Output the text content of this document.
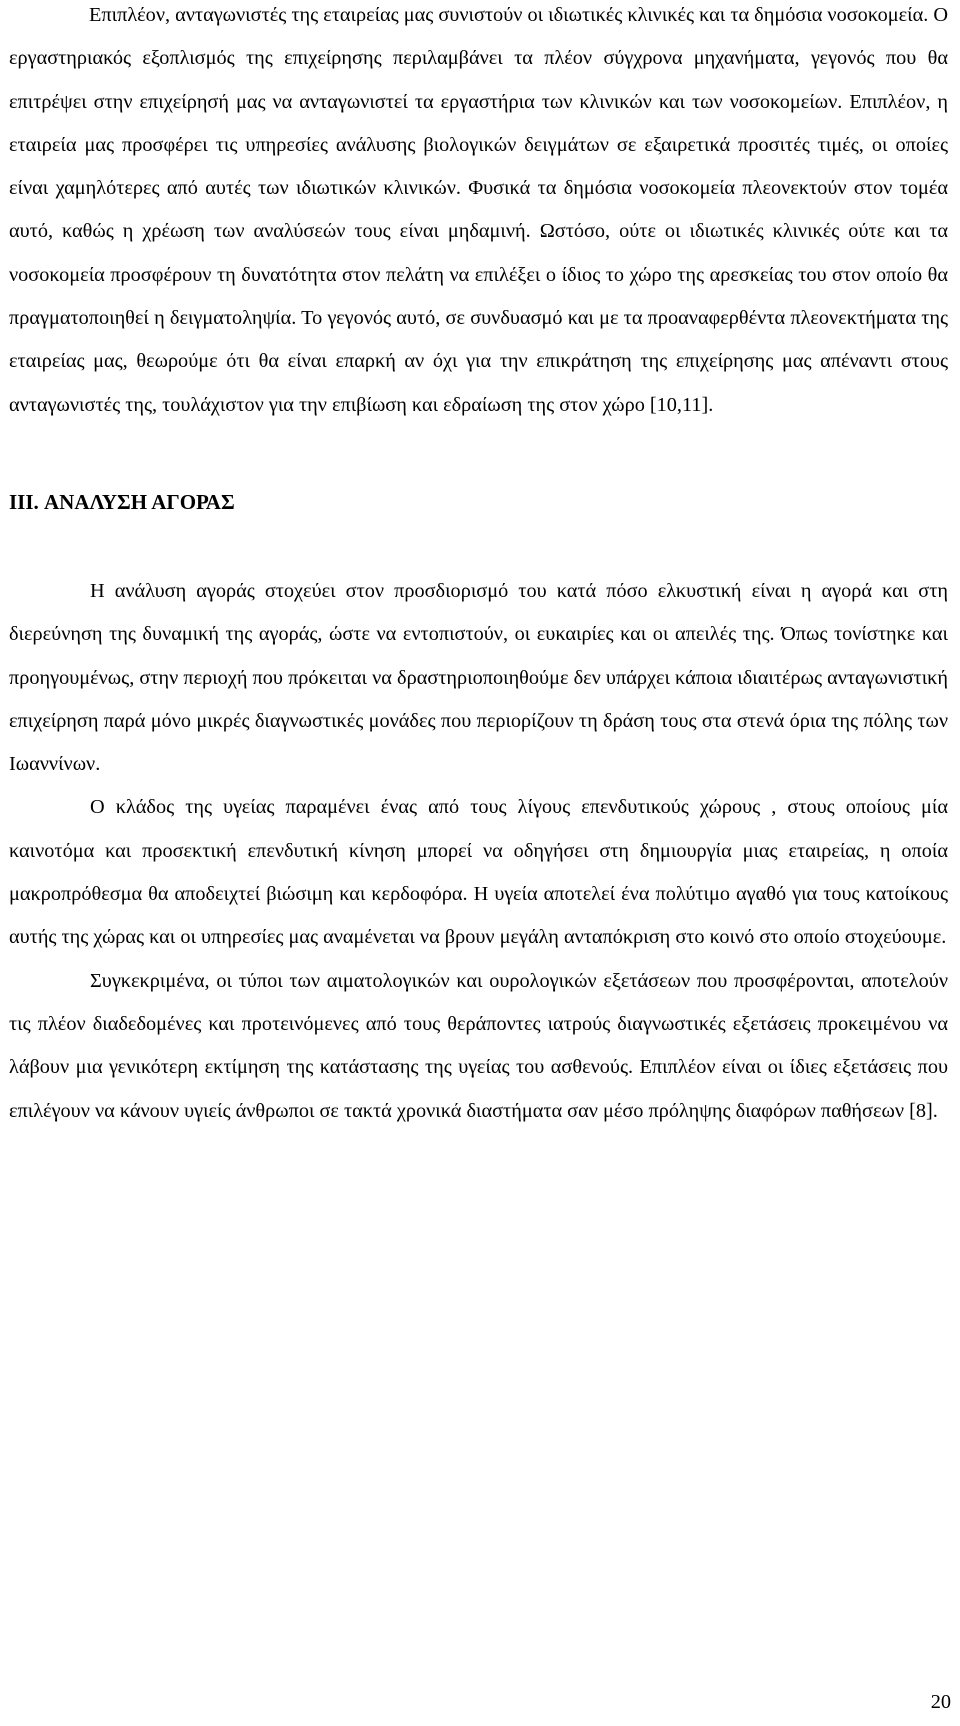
Επιπλέον, ανταγωνιστές της εταιρείας μας συνιστούν οι ιδιωτικές κλινικές και τα δημόσια νοσοκομεία. Ο εργαστηριακός εξοπλισμός της επιχείρησης περιλαμβάνει τα πλέον σύγχρονα μηχανήματα, γεγονός που θα επιτρέψει στην επιχείρησή μας να ανταγωνιστεί τα εργαστήρια των κλινικών και των νοσοκομείων. Επιπλέον, η εταιρεία μας προσφέρει τις υπηρεσίες ανάλυσης βιολογικών δειγμάτων σε εξαιρετικά προσιτές τιμές, οι οποίες είναι χαμηλότερες από αυτές των ιδιωτικών κλινικών. Φυσικά τα δημόσια νοσοκομεία πλεονεκτούν στον τομέα αυτό, καθώς η χρέωση των αναλύσεών τους είναι μηδαμινή. Ωστόσο, ούτε οι ιδιωτικές κλινικές ούτε και τα νοσοκομεία προσφέρουν τη δυνατότητα στον πελάτη να επιλέξει ο ίδιος το χώρο της αρεσκείας του στον οποίο θα πραγματοποιηθεί η δειγματοληψία. Το γεγονός αυτό, σε συνδυασμό και με τα προαναφερθέντα πλεονεκτήματα της εταιρείας μας, θεωρούμε ότι θα είναι επαρκή αν όχι για την επικράτηση της επιχείρησης μας απέναντι στους ανταγωνιστές της, τουλάχιστον για την επιβίωση και εδραίωση της στον χώρο [10,11].

III. ΑΝΑΛΥΣΗ ΑΓΟΡΑΣ

Η ανάλυση αγοράς στοχεύει στον προσδιορισμό του κατά πόσο ελκυστική είναι η αγορά και στη διερεύνηση της δυναμική της αγοράς, ώστε να εντοπιστούν, οι ευκαιρίες και οι απειλές της. Όπως τονίστηκε και προηγουμένως, στην περιοχή που πρόκειται να δραστηριοποιηθούμε δεν υπάρχει κάποια ιδιαιτέρως ανταγωνιστική επιχείρηση παρά μόνο μικρές διαγνωστικές μονάδες που περιορίζουν τη δράση τους στα στενά όρια της πόλης των Ιωαννίνων.

Ο κλάδος της υγείας παραμένει ένας από τους λίγους επενδυτικούς χώρους , στους οποίους μία καινοτόμα και προσεκτική επενδυτική κίνηση μπορεί να οδηγήσει στη δημιουργία μιας εταιρείας, η οποία μακροπρόθεσμα θα αποδειχτεί βιώσιμη και κερδοφόρα. Η υγεία αποτελεί ένα πολύτιμο αγαθό για τους κατοίκους αυτής της χώρας και οι υπηρεσίες μας αναμένεται να βρουν μεγάλη ανταπόκριση στο κοινό στο οποίο στοχεύουμε.

Συγκεκριμένα, οι τύποι των αιματολογικών και ουρολογικών εξετάσεων που προσφέρονται, αποτελούν τις πλέον διαδεδομένες και προτεινόμενες από τους θεράποντες ιατρούς διαγνωστικές εξετάσεις προκειμένου να λάβουν μια γενικότερη εκτίμηση της κατάστασης της υγείας του ασθενούς. Επιπλέον είναι οι ίδιες εξετάσεις που επιλέγουν να κάνουν υγιείς άνθρωποι σε τακτά χρονικά διαστήματα σαν μέσο πρόληψης διαφόρων παθήσεων [8].

20
